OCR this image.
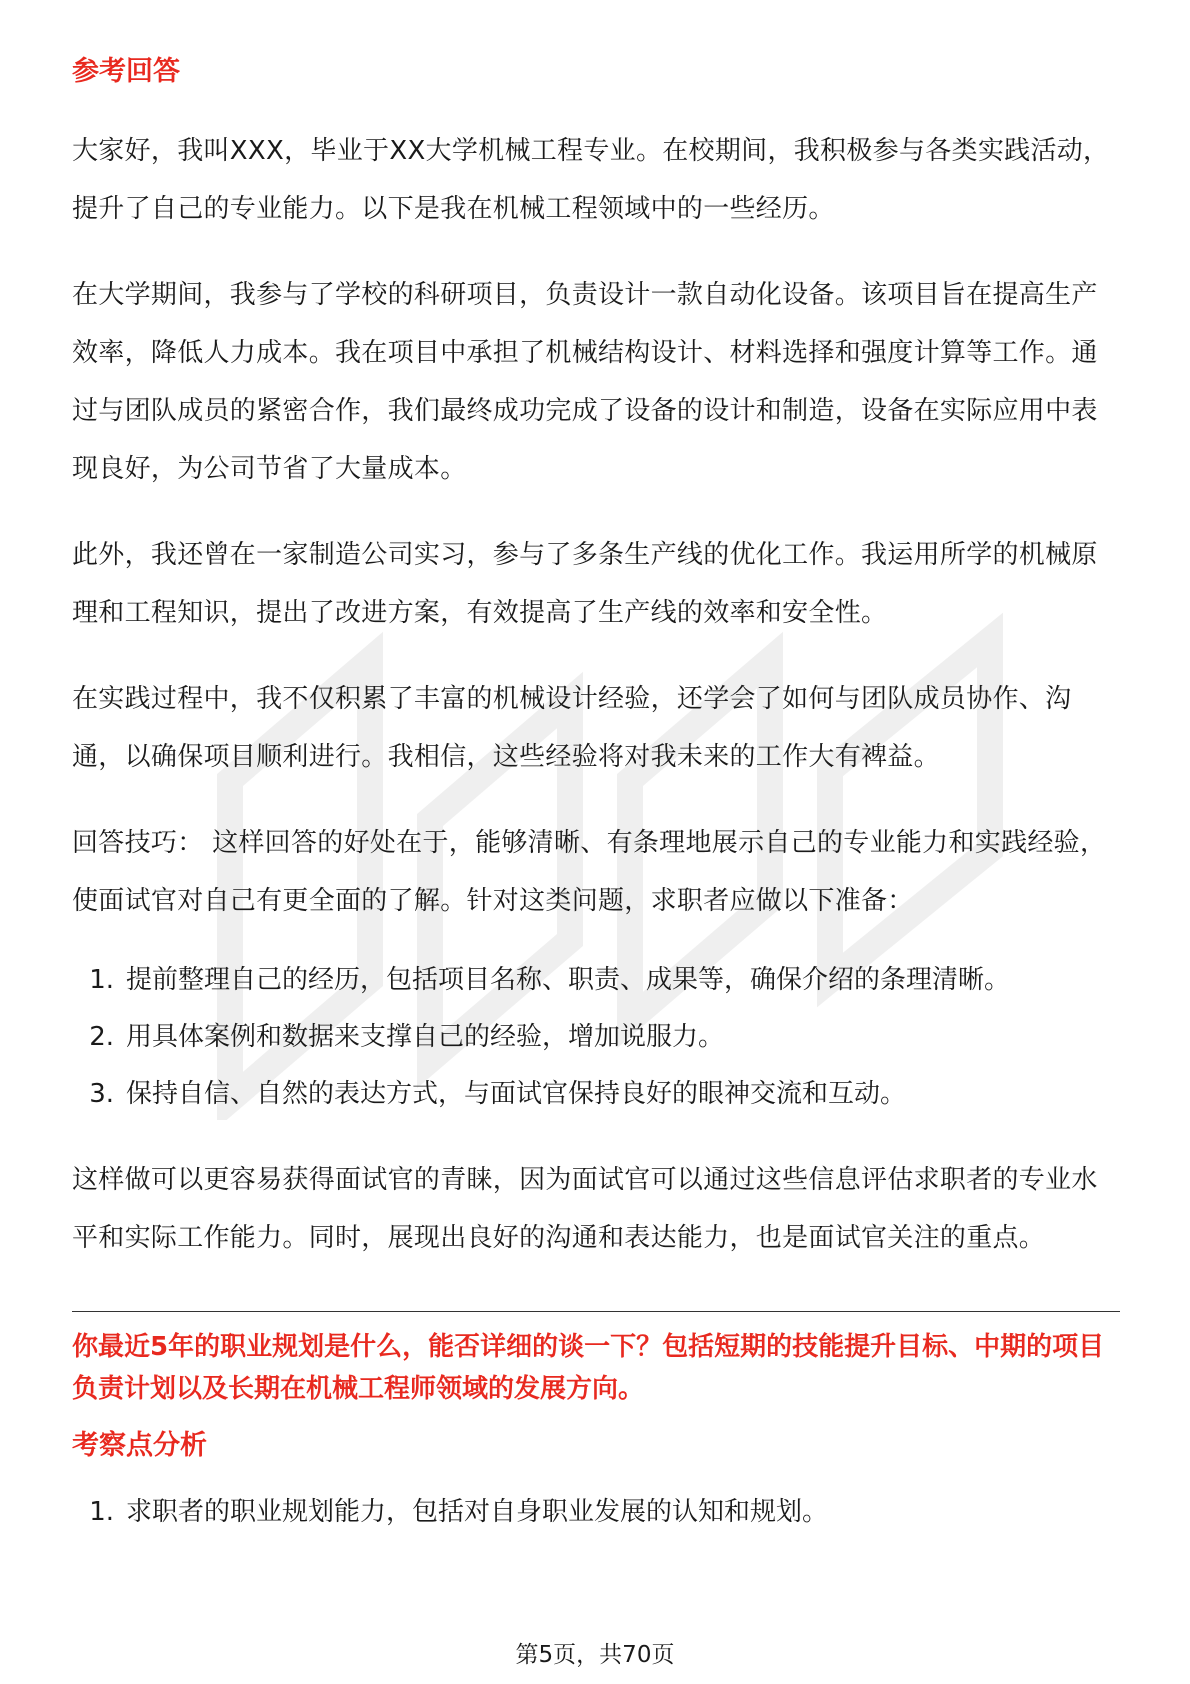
参考回答

大家好，我叫XXX，毕业于XX大学机械工程专业。在校期间，我积极参与各类实践活动，提升了自己的专业能力。以下是我在机械工程领域中的一些经历。

在大学期间，我参与了学校的科研项目，负责设计一款自动化设备。该项目旨在提高生产效率，降低人力成本。我在项目中承担了机械结构设计、材料选择和强度计算等工作。通过与团队成员的紧密合作，我们最终成功完成了设备的设计和制造，设备在实际应用中表现良好，为公司节省了大量成本。

此外，我还曾在一家制造公司实习，参与了多条生产线的优化工作。我运用所学的机械原理和工程知识，提出了改进方案，有效提高了生产线的效率和安全性。

在实践过程中，我不仅积累了丰富的机械设计经验，还学会了如何与团队成员协作、沟通，以确保项目顺利进行。我相信，这些经验将对我未来的工作大有裨益。

回答技巧： 这样回答的好处在于，能够清晰、有条理地展示自己的专业能力和实践经验，使面试官对自己有更全面的了解。针对这类问题，求职者应做以下准备：

1. 提前整理自己的经历，包括项目名称、职责、成果等，确保介绍的条理清晰。
2. 用具体案例和数据来支撑自己的经验，增加说服力。
3. 保持自信、自然的表达方式，与面试官保持良好的眼神交流和互动。

这样做可以更容易获得面试官的青睐，因为面试官可以通过这些信息评估求职者的专业水平和实际工作能力。同时，展现出良好的沟通和表达能力，也是面试官关注的重点。

你最近5年的职业规划是什么，能否详细的谈一下？包括短期的技能提升目标、中期的项目负责计划以及长期在机械工程师领域的发展方向。

考察点分析

1. 求职者的职业规划能力，包括对自身职业发展的认知和规划。
第5页，共70页
